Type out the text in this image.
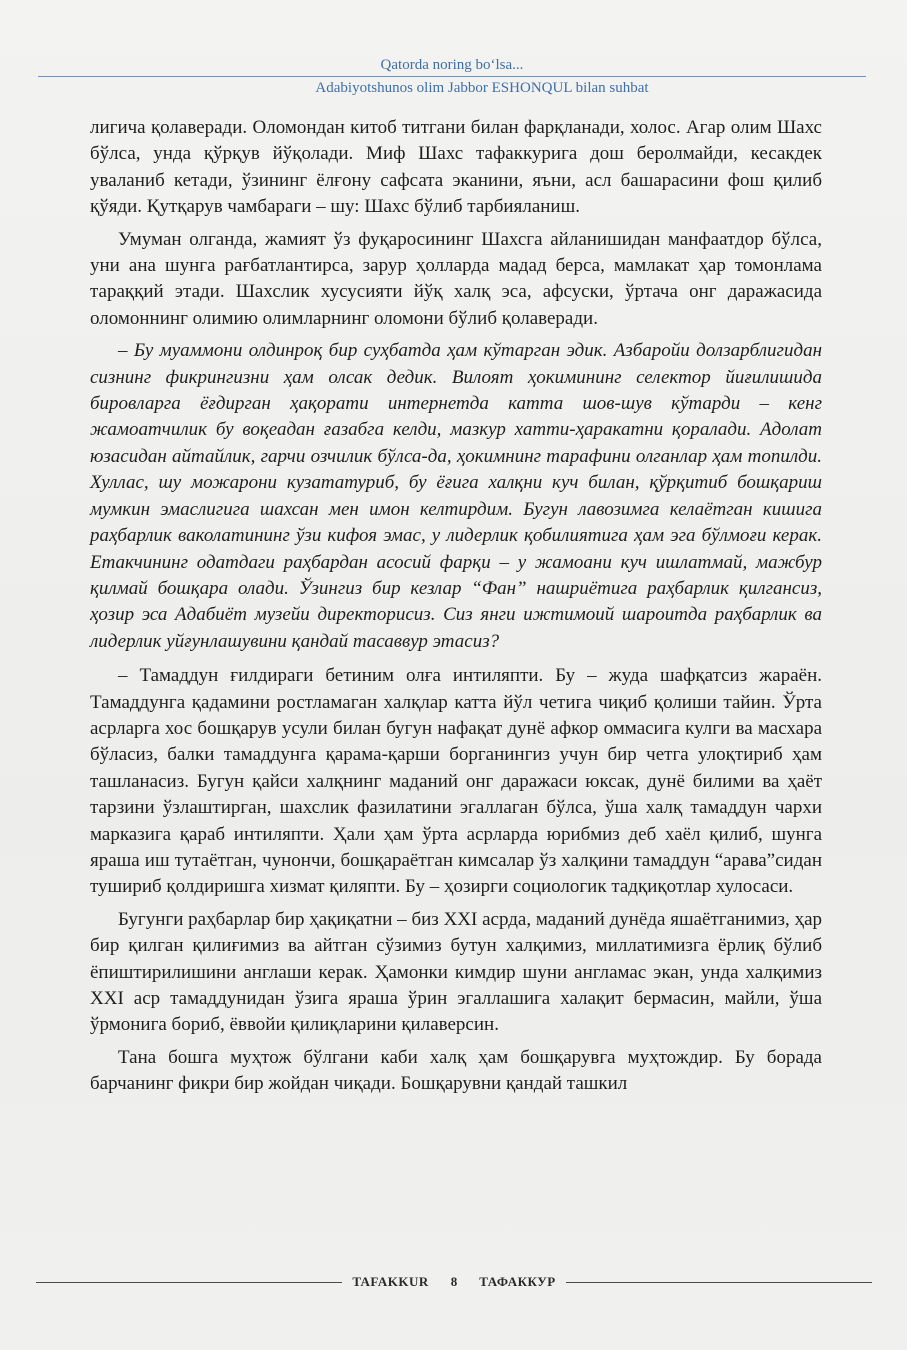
Qatorda noring bo‘lsa...
Adabiyotshunos olim Jabbor ESHONQUL bilan suhbat

лигича қолаверади. Оломондан китоб титгани билан фарқланади, холос. Агар олим Шахс бўлса, унда қўрқув йўқолади. Миф Шахс тафаккурига дош беролмайди, кесакдек уваланиб кетади, ўзининг ёлғону сафсата эканини, яъни, асл башарасини фош қилиб қўяди. Қутқарув чамбараги – шу: Шахс бўлиб тарбияланиш.

Умуман олганда, жамият ўз фуқаросининг Шахсга айланишидан манфаатдор бўлса, уни ана шунга рағбатлантирса, зарур ҳолларда мадад берса, мамлакат ҳар томонлама тараққий этади. Шахслик хусусияти йўқ халқ эса, афсуски, ўртача онг даражасида оломоннинг олимию олимларнинг оломони бўлиб қолаверади.

– Бу муаммони олдинроқ бир суҳбатда ҳам кўтарган эдик. Азбаройи долзарблигидан сизнинг фикрингизни ҳам олсак дедик. Вилоят ҳокимининг селектор йиғилишида бировларга ёғдирган ҳақорати интернетда катта шов-шув кўтарди – кенг жамоатчилик бу воқеадан ғазабга келди, мазкур хатти-ҳаракатни қоралади. Адолат юзасидан айтайлик, гарчи озчилик бўлса-да, ҳокимнинг тарафини олганлар ҳам топилди. Хуллас, шу можарони кузататуриб, бу ёғига халқни куч билан, қўрқитиб бошқариш мумкин эмаслигига шахсан мен имон келтирдим. Бугун лавозимга келаётган кишига раҳбарлик ваколатининг ўзи кифоя эмас, у лидерлик қобилиятига ҳам эга бўлмоғи керак. Етакчининг одатдаги раҳбардан асосий фарқи – у жамоани куч ишлатмай, мажбур қилмай бошқара олади. Ўзингиз бир кезлар “Фан” нашриётига раҳбарлик қилгансиз, ҳозир эса Адабиёт музейи директорисиз. Сиз янги ижтимоий шароитда раҳбарлик ва лидерлик уйғунлашувини қандай тасаввур этасиз?

– Тамаддун ғилдираги бетиним олға интиляпти. Бу – жуда шафқатсиз жараён. Тамаддунга қадамини ростламаган халқлар катта йўл четига чиқиб қолиши тайин. Ўрта асрларга хос бошқарув усули билан бугун нафақат дунё афкор оммасига кулги ва масхара бўласиз, балки тамаддунга қарама-қарши борганингиз учун бир четга улоқтириб ҳам ташланасиз. Бугун қайси халқнинг маданий онг даражаси юксак, дунё билими ва ҳаёт тарзини ўзлаштирган, шахслик фазилатини эгаллаган бўлса, ўша халқ тамаддун чархи марказига қараб интиляпти. Ҳали ҳам ўрта асрларда юрибмиз деб хаёл қилиб, шунга яраша иш тутаётган, чунончи, бошқараётган кимсалар ўз халқини тамаддун “арава”сидан тушириб қолдиришга хизмат қиляпти. Бу – ҳозирги социологик тадқиқотлар хулосаси.

Бугунги раҳбарлар бир ҳақиқатни – биз ХХI асрда, маданий дунёда яшаётганимиз, ҳар бир қилган қилиғимиз ва айтган сўзимиз бутун халқимиз, миллатимизга ёрлиқ бўлиб ёпиштирилишини англаши керак. Ҳамонки кимдир шуни англамас экан, унда халқимиз ХХI аср тамаддунидан ўзига яраша ўрин эгаллашига халақит бермасин, майли, ўша ўрмонига бориб, ёввойи қилиқларини қилаверсин.

Тана бошга муҳтож бўлгани каби халқ ҳам бошқарувга муҳтождир. Бу борада барчанинг фикри бир жойдан чиқади. Бошқарувни қандай ташкил

TAFAKKUR	8	ТАФАККУР
